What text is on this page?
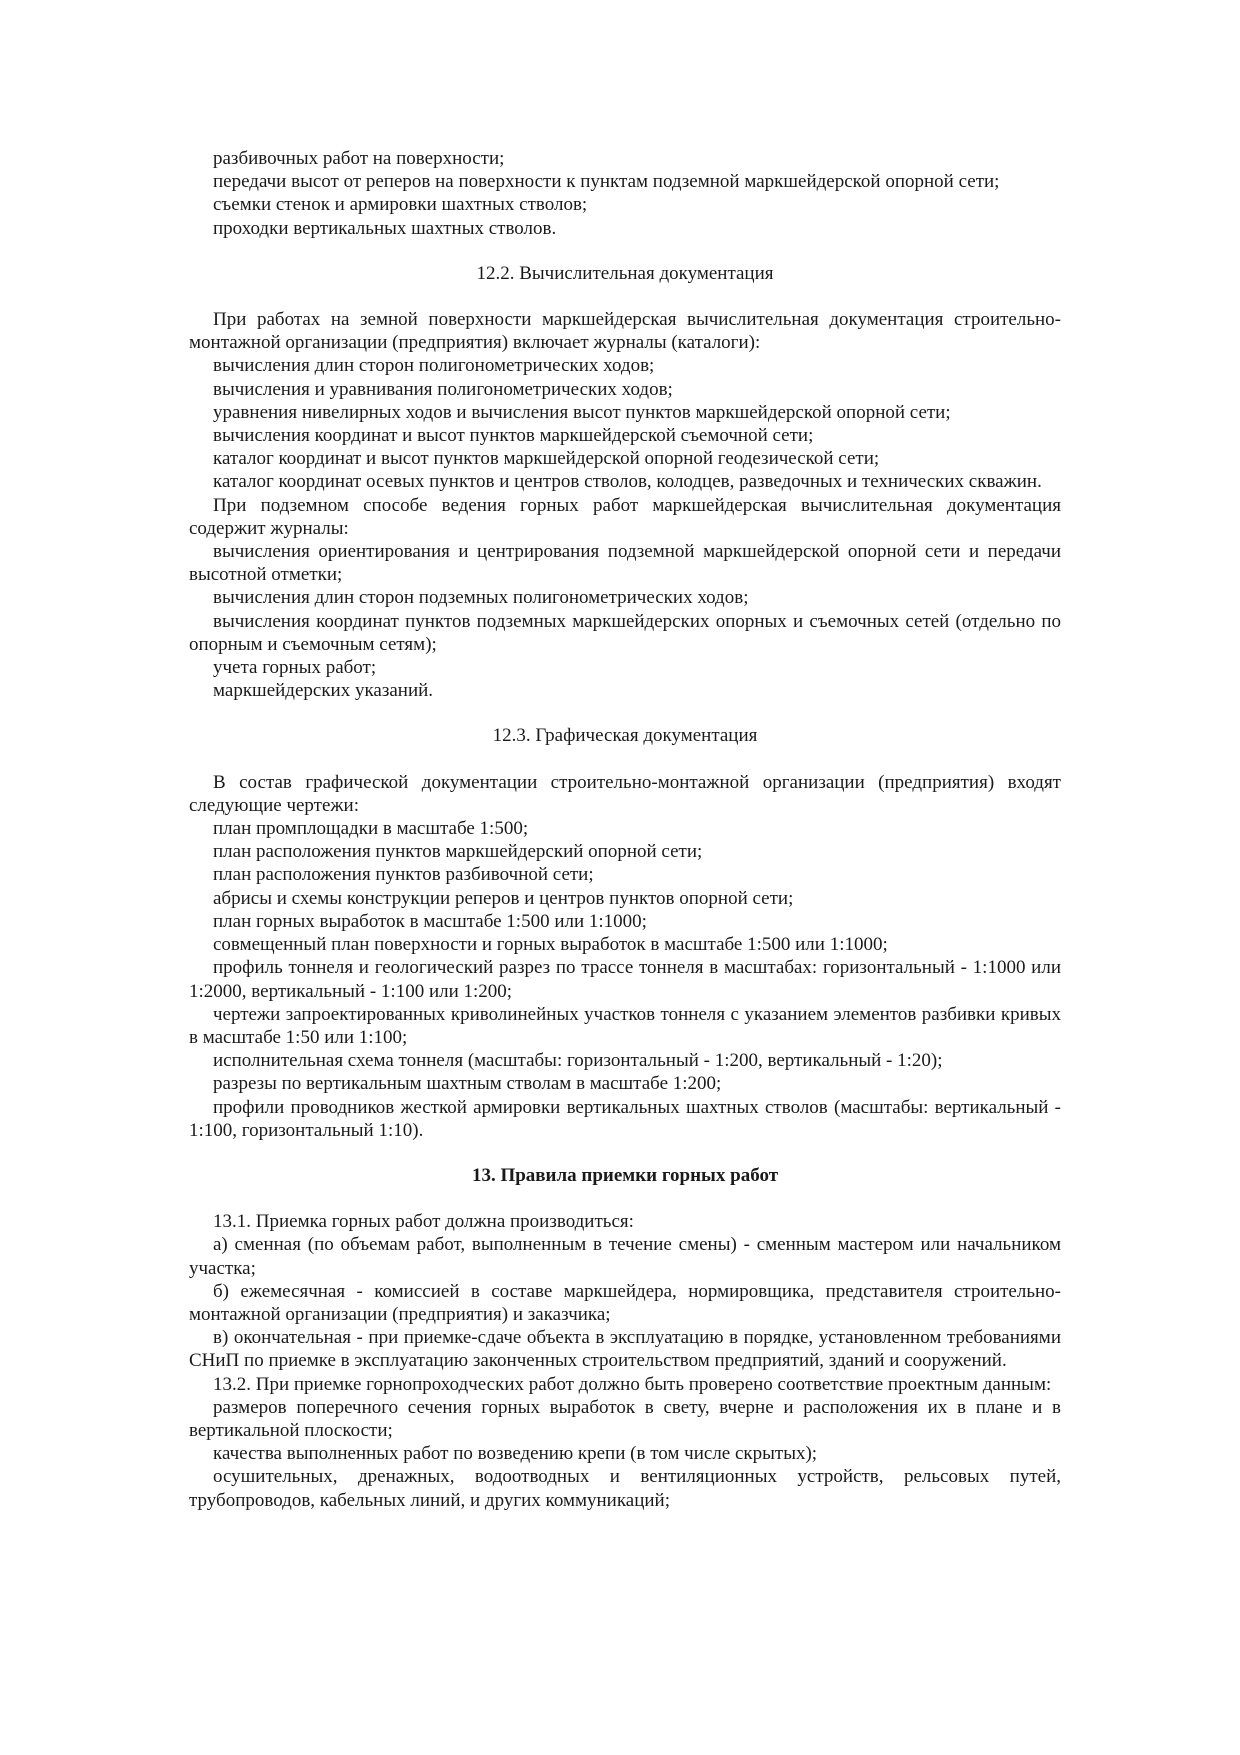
разбивочных работ на поверхности;

передачи высот от реперов на поверхности к пунктам подземной маркшейдерской опорной сети;

съемки стенок и армировки шахтных стволов;

проходки вертикальных шахтных стволов.

12.2. Вычислительная документация

При работах на земной поверхности маркшейдерская вычислительная документация строительно-монтажной организации (предприятия) включает журналы (каталоги):

вычисления длин сторон полигонометрических ходов;

вычисления и уравнивания полигонометрических ходов;

уравнения нивелирных ходов и вычисления высот пунктов маркшейдерской опорной сети;

вычисления координат и высот пунктов маркшейдерской съемочной сети;

каталог координат и высот пунктов маркшейдерской опорной геодезической сети;

каталог координат осевых пунктов и центров стволов, колодцев, разведочных и технических скважин.

При подземном способе ведения горных работ маркшейдерская вычислительная документация содержит журналы:

вычисления ориентирования и центрирования подземной маркшейдерской опорной сети и передачи высотной отметки;

вычисления длин сторон подземных полигонометрических ходов;

вычисления координат пунктов подземных маркшейдерских опорных и съемочных сетей (отдельно по опорным и съемочным сетям);

учета горных работ;

маркшейдерских указаний.

12.3. Графическая документация

В состав графической документации строительно-монтажной организации (предприятия) входят следующие чертежи:

план промплощадки в масштабе 1:500;

план расположения пунктов маркшейдерский опорной сети;

план расположения пунктов разбивочной сети;

абрисы и схемы конструкции реперов и центров пунктов опорной сети;

план горных выработок в масштабе 1:500 или 1:1000;

совмещенный план поверхности и горных выработок в масштабе 1:500 или 1:1000;

профиль тоннеля и геологический разрез по трассе тоннеля в масштабах: горизонтальный - 1:1000 или 1:2000, вертикальный - 1:100 или 1:200;

чертежи запроектированных криволинейных участков тоннеля с указанием элементов разбивки кривых в масштабе 1:50 или 1:100;

исполнительная схема тоннеля (масштабы: горизонтальный - 1:200, вертикальный - 1:20);

разрезы по вертикальным шахтным стволам в масштабе 1:200;

профили проводников жесткой армировки вертикальных шахтных стволов (масштабы: вертикальный - 1:100, горизонтальный 1:10).

13. Правила приемки горных работ

13.1. Приемка горных работ должна производиться:

а) сменная (по объемам работ, выполненным в течение смены) - сменным мастером или начальником участка;

б) ежемесячная - комиссией в составе маркшейдера, нормировщика, представителя строительно-монтажной организации (предприятия) и заказчика;

в) окончательная - при приемке-сдаче объекта в эксплуатацию в порядке, установленном требованиями СНиП по приемке в эксплуатацию законченных строительством предприятий, зданий и сооружений.

13.2. При приемке горнопроходческих работ должно быть проверено соответствие проектным данным:

размеров поперечного сечения горных выработок в свету, вчерне и расположения их в плане и в вертикальной плоскости;

качества выполненных работ по возведению крепи (в том числе скрытых);

осушительных, дренажных, водоотводных и вентиляционных устройств, рельсовых путей, трубопроводов, кабельных линий, и других коммуникаций;
